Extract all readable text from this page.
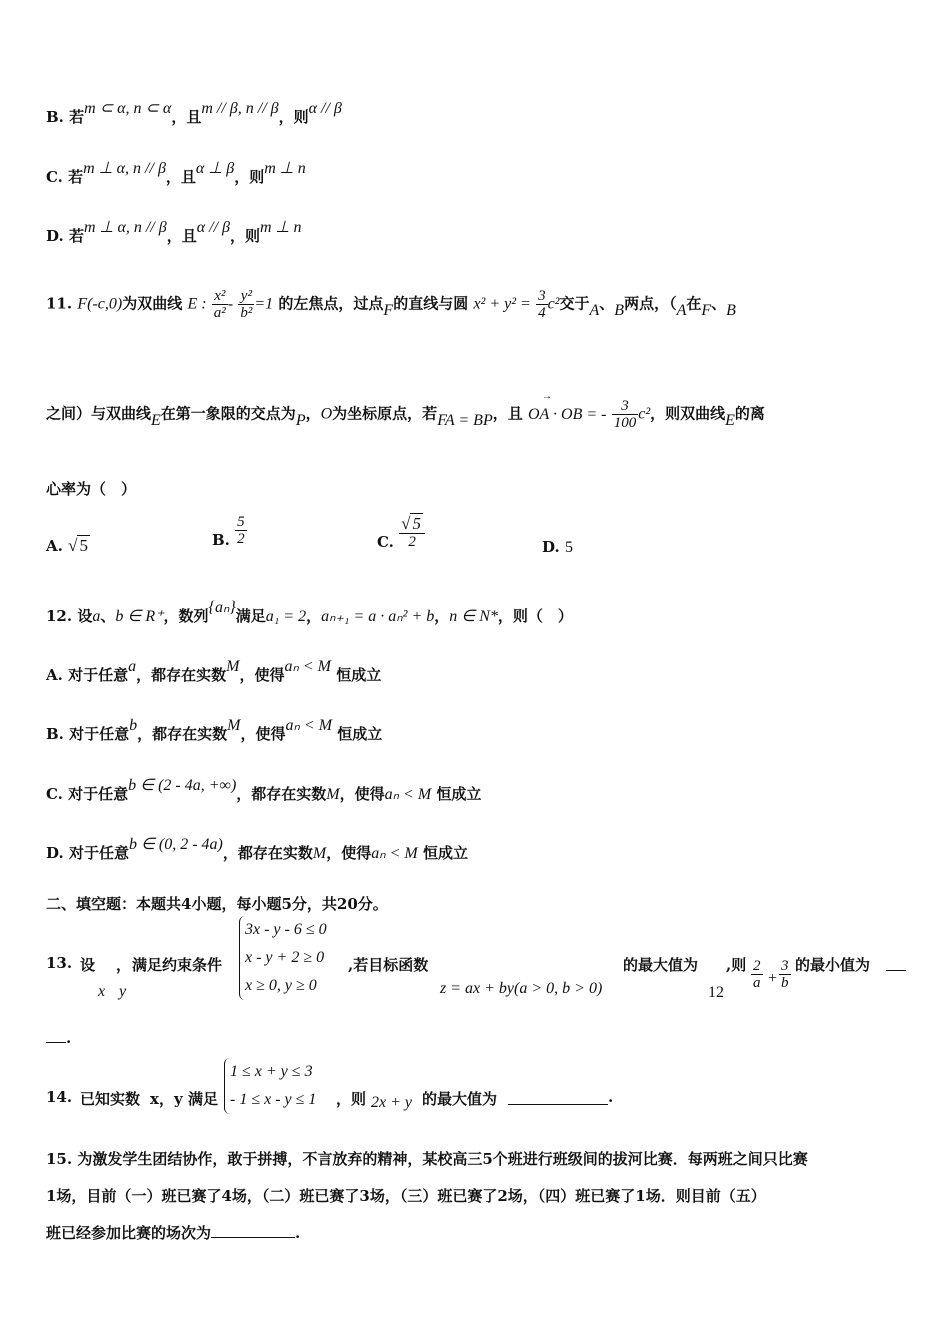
B. 若m ⊂ α, n ⊂ α，且m // β, n // β，则α // β
C. 若m ⊥ α, n // β，且α ⊥ β，则m ⊥ n
D. 若m ⊥ α, n // β，且α // β，则m ⊥ n
11. F(-c,0)为双曲线 E : $\frac{\text{x²}}{\text{a²}} - \frac{\text{y²}}{\text{b²}} =1$ 的左焦点，过点F的直线与圆 $x^2 + y^2 = \frac{3}{4} c^2$交于A、B两点，（A在F、B
之间）与双曲线E在第一象限的交点为P，O为坐标原点，若FA = BP，且 → OA · OB = - $\frac{3}{100} c^2$，则双曲线E的离
心率为（　）
A. √ 5	B. $\frac{5}{2}$	C. $\frac{√ 5}{2}$	D. 5
12. 设a、b ∈ R⁺，数列{aₙ}满足a₁ = 2，aₙ₊₁ = a · aₙ² + b，n ∈ N*，则（　）
A. 对于任意a，都存在实数M，使得aₙ < M 恒成立
B. 对于任意b，都存在实数M，使得aₙ < M 恒成立
C. 对于任意b ∈ (2 - 4a, +∞)，都存在实数M，使得aₙ < M 恒成立
D. 对于任意b ∈ (0, 2 - 4a)，都存在实数M，使得aₙ < M 恒成立
二、填空题：本题共4小题，每小题5分，共20分。
13. 设 ，
x y
满足约束条件
3x - y - 6 ≤ 0
x - y + 2 ≥ 0
x ≥ 0, y ≥ 0
,若目标函数
z = ax + by(a > 0, b > 0)
的最大值为
12
,则 $\frac{2}{a} + \frac{3}{b}$ 的最小值为
.
14. 已知实数 x，y 满足
1 ≤ x + y ≤ 3
- 1 ≤ x - y ≤ 1 ，则 2x + y 的最大值为	.
15. 为激发学生团结协作，敢于拼搏，不言放弃的精神，某校高三5个班进行班级间的拔河比赛．每两班之间只比赛
1场，目前（一）班已赛了4场，（二）班已赛了3场，（三）班已赛了2场，（四）班已赛了1场．则目前（五）
班已经参加比赛的场次为	.
